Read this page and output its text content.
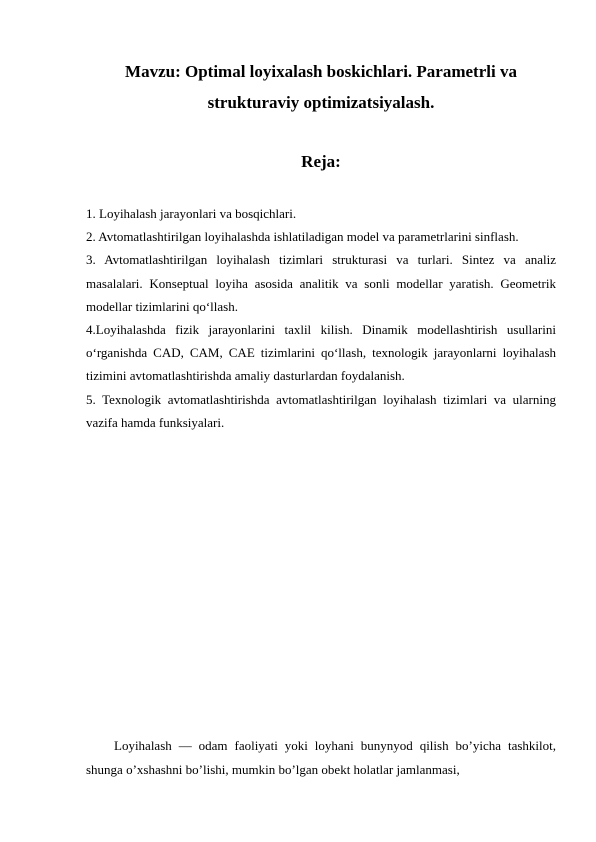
Mavzu: Optimal loyixalash boskichlari. Parametrli va
strukturaviy optimizatsiyalash.
Reja:

1. Loyihalash jarayonlari va bosqichlari.

2. Avtomatlashtirilgan loyihalashda ishlatiladigan model va parametrlarini sinflash.

3. Avtomatlashtirilgan loyihalash tizimlari strukturasi va turlari. Sintez va analiz masalalari. Konseptual loyiha asosida analitik va sonli modellar yaratish. Geometrik modellar tizimlarini qo‘llash.

4.Loyihalashda fizik jarayonlarini taxlil kilish. Dinamik modellashtirish usullarini o‘rganishda CAD, CAM, CAE tizimlarini qo‘llash, texnologik jarayonlarni loyihalash tizimini avtomatlashtirishda amaliy dasturlardan foydalanish.

5. Texnologik avtomatlashtirishda avtomatlashtirilgan loyihalash tizimlari va ularning vazifa hamda funksiyalari.

Loyihalash — odam faoliyati yoki loyhani bunynyod qilish bo’yicha tashkilot, shunga o’xshashni bo’lishi, mumkin bo’lgan obekt holatlar jamlanmasi,
